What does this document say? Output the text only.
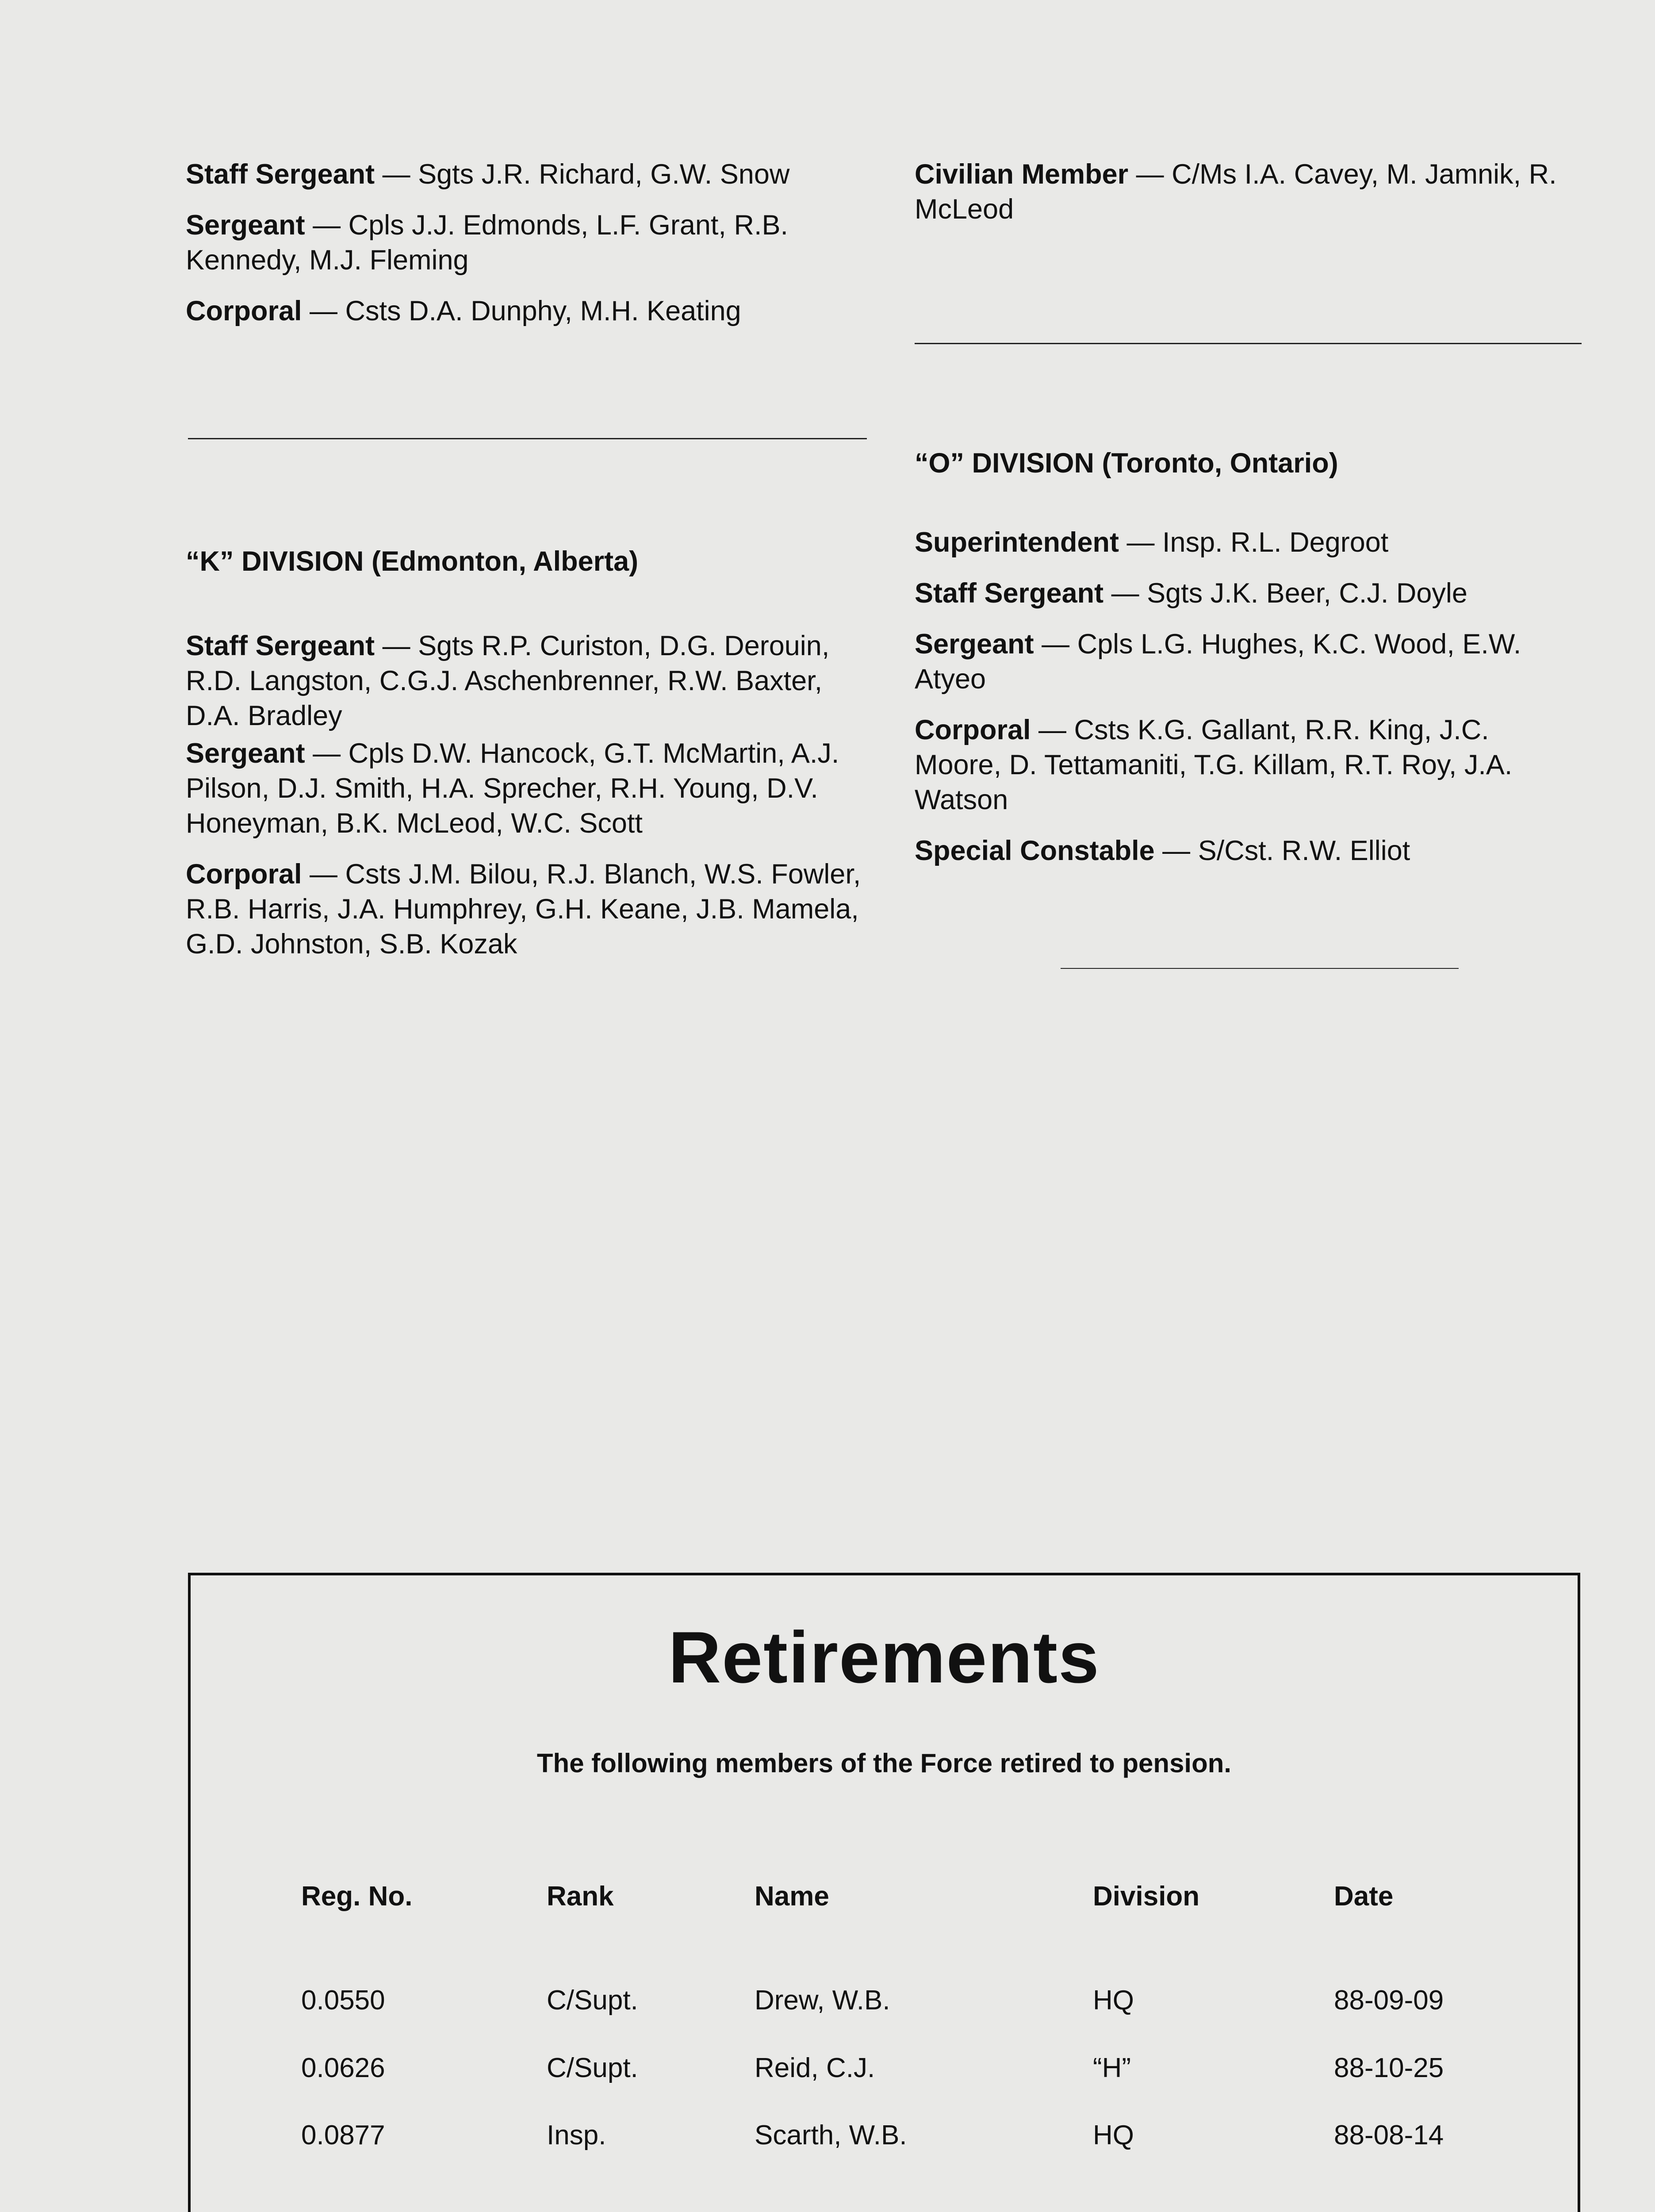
Staff Sergeant — Sgts J.R. Richard, G.W. Snow

Sergeant — Cpls J.J. Edmonds, L.F. Grant, R.B. Kennedy, M.J. Fleming

Corporal — Csts D.A. Dunphy, M.H. Keating

“K” DIVISION (Edmonton, Alberta)

Staff Sergeant — Sgts R.P. Curiston, D.G. Derouin, R.D. Langston, C.G.J. Aschenbrenner, R.W. Baxter, D.A. Bradley

Sergeant — Cpls D.W. Hancock, G.T. McMartin, A.J. Pilson, D.J. Smith, H.A. Sprecher, R.H. Young, D.V. Honeyman, B.K. McLeod, W.C. Scott

Corporal — Csts J.M. Bilou, R.J. Blanch, W.S. Fowler, R.B. Harris, J.A. Humphrey, G.H. Keane, J.B. Mamela, G.D. Johnston, S.B. Kozak

Civilian Member — C/Ms I.A. Cavey, M. Jamnik, R. McLeod

“O” DIVISION (Toronto, Ontario)

Superintendent — Insp. R.L. Degroot

Staff Sergeant — Sgts J.K. Beer, C.J. Doyle

Sergeant — Cpls L.G. Hughes, K.C. Wood, E.W. Atyeo

Corporal — Csts K.G. Gallant, R.R. King, J.C. Moore, D. Tettamaniti, T.G. Killam, R.T. Roy, J.A. Watson

Special Constable — S/Cst. R.W. Elliot

Retirements
The following members of the Force retired to pension.
Reg. No.	Rank	Name	Division	Date
0.0550	C/Supt.	Drew, W.B.	HQ	88-09-09
0.0626	C/Supt.	Reid, C.J.	“H”	88-10-25
0.0877	Insp.	Scarth, W.B.	HQ	88-08-14
